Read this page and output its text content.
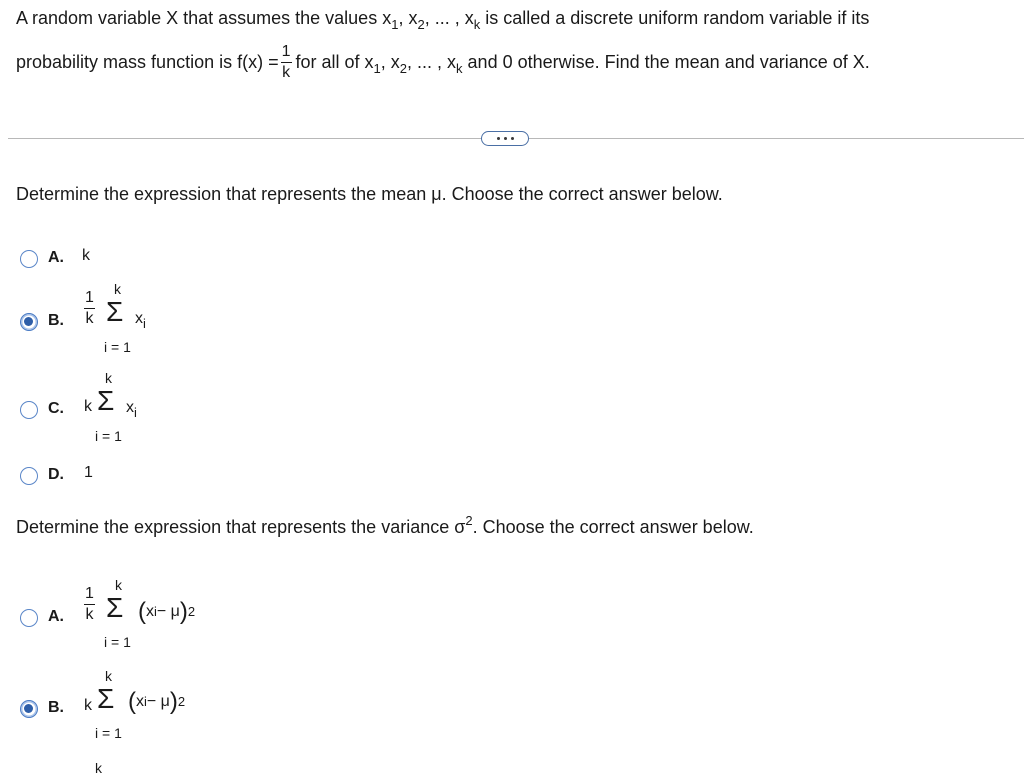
A random variable X that assumes the values $x_1$, $x_2$, ... , $x_k$ is called a discrete uniform random variable if its
probability mass function is $f(x) = \frac{1}{k}$ for all of $x_1$, $x_2$, ... , $x_k$ and 0 otherwise. Find the mean and variance of X.
Determine the expression that represents the mean μ. Choose the correct answer below.
A. k
B. $\frac{1}{k}$
k
Σ
i = 1
$x_i$
C. k
k
Σ
i = 1
$x_i$
D. 1
Determine the expression that represents the variance $\sigma^2$. Choose the correct answer below.
A. $\frac{1}{k}$
k
Σ
i = 1
( x i − μ ) 2
B. k
k
Σ
i = 1
( x i − μ ) 2
k
